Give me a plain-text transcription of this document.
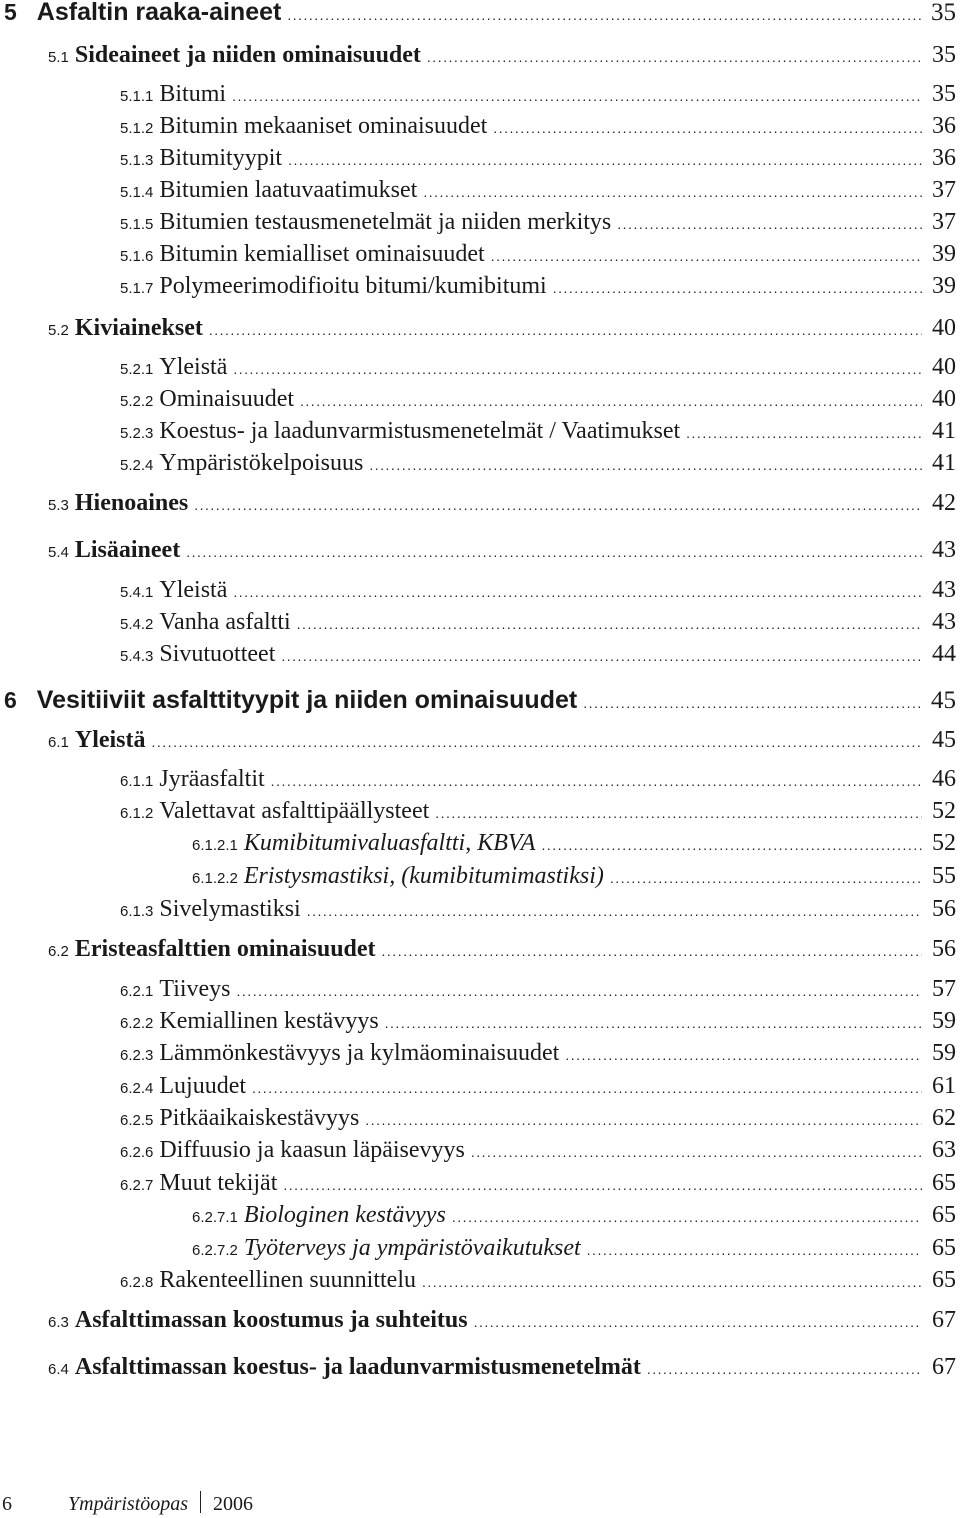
5 Asfaltin raaka-aineet .....	35
5.1 Sideaineet ja niiden ominaisuudet .....	35
5.1.1 Bitumi .....	35
5.1.2 Bitumin mekaaniset ominaisuudet .....	36
5.1.3 Bitumityypit .....	36
5.1.4 Bitumien laatuvaatimukset .....	37
5.1.5 Bitumien testausmenetelmät ja niiden merkitys .....	37
5.1.6 Bitumin kemialliset ominaisuudet .....	39
5.1.7 Polymeerimodifioitu bitumi/kumibitumi .....	39
5.2 Kiviainekset .....	40
5.2.1 Yleistä .....	40
5.2.2 Ominaisuudet .....	40
5.2.3 Koestus- ja laadunvarmistusmenetelmät / Vaatimukset .....	41
5.2.4 Ympäristökelpoisuus .....	41
5.3 Hienoaines .....	42
5.4 Lisäaineet .....	43
5.4.1 Yleistä .....	43
5.4.2 Vanha asfaltti .....	43
5.4.3 Sivutuotteet .....	44
6 Vesitiiviit asfalttityypit ja niiden ominaisuudet .....	45
6.1 Yleistä .....	45
6.1.1 Jyräasfaltit .....	46
6.1.2 Valettavat asfalttipäällysteet .....	52
6.1.2.1 Kumibitumivaluasfaltti, KBVA .....	52
6.1.2.2 Eristysmastiksi, (kumibitumimastiksi) .....	55
6.1.3 Sivelymastiksi .....	56
6.2 Eristeasfalttien ominaisuudet .....	56
6.2.1 Tiiveys .....	57
6.2.2 Kemiallinen kestävyys .....	59
6.2.3 Lämmönkestävyys ja kylmäominaisuudet .....	59
6.2.4 Lujuudet .....	61
6.2.5 Pitkäaikaiskestävyys .....	62
6.2.6 Diffuusio ja kaasun läpäisevyys .....	63
6.2.7 Muut tekijät .....	65
6.2.7.1 Biologinen kestävyys .....	65
6.2.7.2 Työterveys ja ympäristövaikutukset .....	65
6.2.8 Rakenteellinen suunnittelu .....	65
6.3 Asfalttimassan koostumus ja suhteitus .....	67
6.4 Asfalttimassan koestus- ja laadunvarmistusmenetelmät .....	67
6	Ympäristöopas 2006
